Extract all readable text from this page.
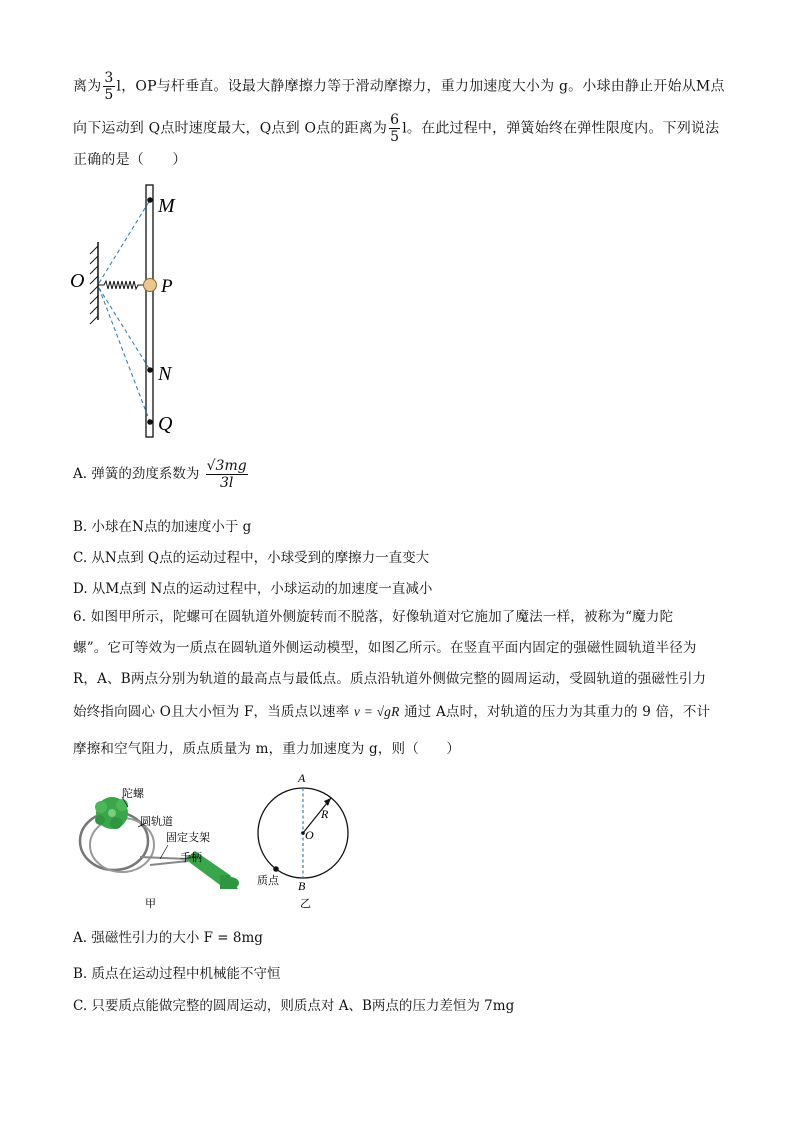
离为 $\frac{3}{5}$ l，OP与杆垂直。设最大静摩擦力等于滑动摩擦力，重力加速度大小为 g。小球由静止开始从M点
向下运动到 Q点时速度最大，Q点到 O点的距离为 $\frac{6}{5}$ l。在此过程中，弹簧始终在弹性限度内。下列说法
正确的是（　　）
M
O	P
N
Q
A. 弹簧的劲度系数为 $\frac{√3mg}{3l}$
B. 小球在N点的加速度小于 g
C. 从N点到 Q点的运动过程中，小球受到的摩擦力一直变大
D. 从M点到 N点的运动过程中，小球运动的加速度一直减小
6. 如图甲所示，陀螺可在圆轨道外侧旋转而不脱落，好像轨道对它施加了魔法一样，被称为“魔力陀
螺”。它可等效为一质点在圆轨道外侧运动模型，如图乙所示。在竖直平面内固定的强磁性圆轨道半径为
R，A、B两点分别为轨道的最高点与最低点。质点沿轨道外侧做完整的圆周运动，受圆轨道的强磁性引力
始终指向圆心 O且大小恒为 F，当质点以速率 v = √gR 通过 A点时，对轨道的压力为其重力的 9 倍，不计
摩擦和空气阻力，质点质量为 m，重力加速度为 g，则（　　）
陀螺
圆轨道
固定支架
手柄
甲
A
R
O
B
质点
乙
A. 强磁性引力的大小 F = 8mg
B. 质点在运动过程中机械能不守恒
C. 只要质点能做完整的圆周运动，则质点对 A、B两点的压力差恒为 7mg
